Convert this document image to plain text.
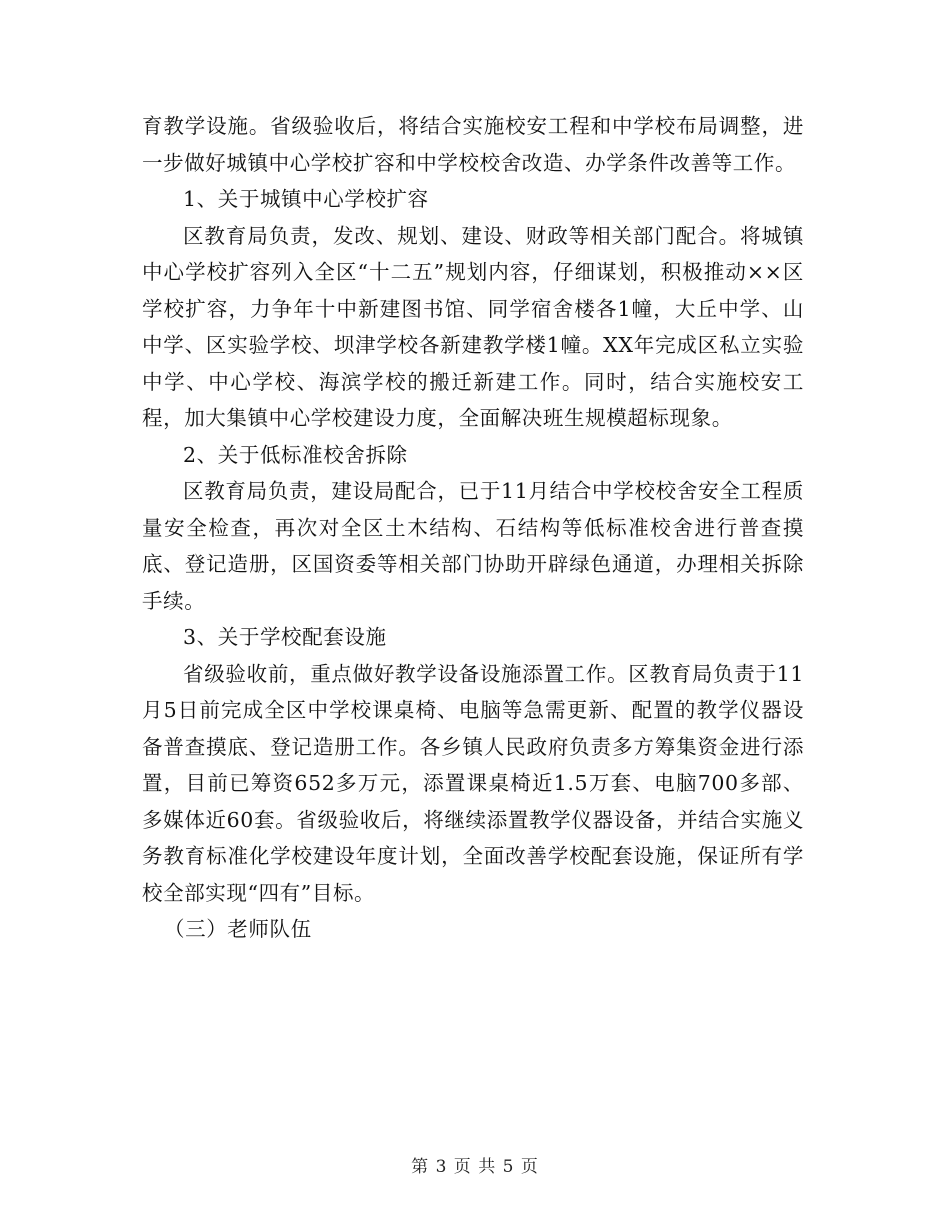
育教学设施。省级验收后，将结合实施校安工程和中学校布局调整，进一步做好城镇中心学校扩容和中学校校舍改造、办学条件改善等工作。

1、关于城镇中心学校扩容

区教育局负责，发改、规划、建设、财政等相关部门配合。将城镇中心学校扩容列入全区“十二五”规划内容，仔细谋划，积极推动××区学校扩容，力争年十中新建图书馆、同学宿舍楼各1幢，大丘中学、山中学、区实验学校、坝津学校各新建教学楼1幢。XX年完成区私立实验中学、中心学校、海滨学校的搬迁新建工作。同时，结合实施校安工程，加大集镇中心学校建设力度，全面解决班生规模超标现象。

2、关于低标准校舍拆除

区教育局负责，建设局配合，已于11月结合中学校校舍安全工程质量安全检查，再次对全区土木结构、石结构等低标准校舍进行普查摸底、登记造册，区国资委等相关部门协助开辟绿色通道，办理相关拆除手续。

3、关于学校配套设施

省级验收前，重点做好教学设备设施添置工作。区教育局负责于11月5日前完成全区中学校课桌椅、电脑等急需更新、配置的教学仪器设备普查摸底、登记造册工作。各乡镇人民政府负责多方筹集资金进行添置，目前已筹资652多万元，添置课桌椅近1.5万套、电脑700多部、多媒体近60套。省级验收后，将继续添置教学仪器设备，并结合实施义务教育标准化学校建设年度计划，全面改善学校配套设施，保证所有学校全部实现“四有”目标。

（三）老师队伍

第 3 页 共 5 页
